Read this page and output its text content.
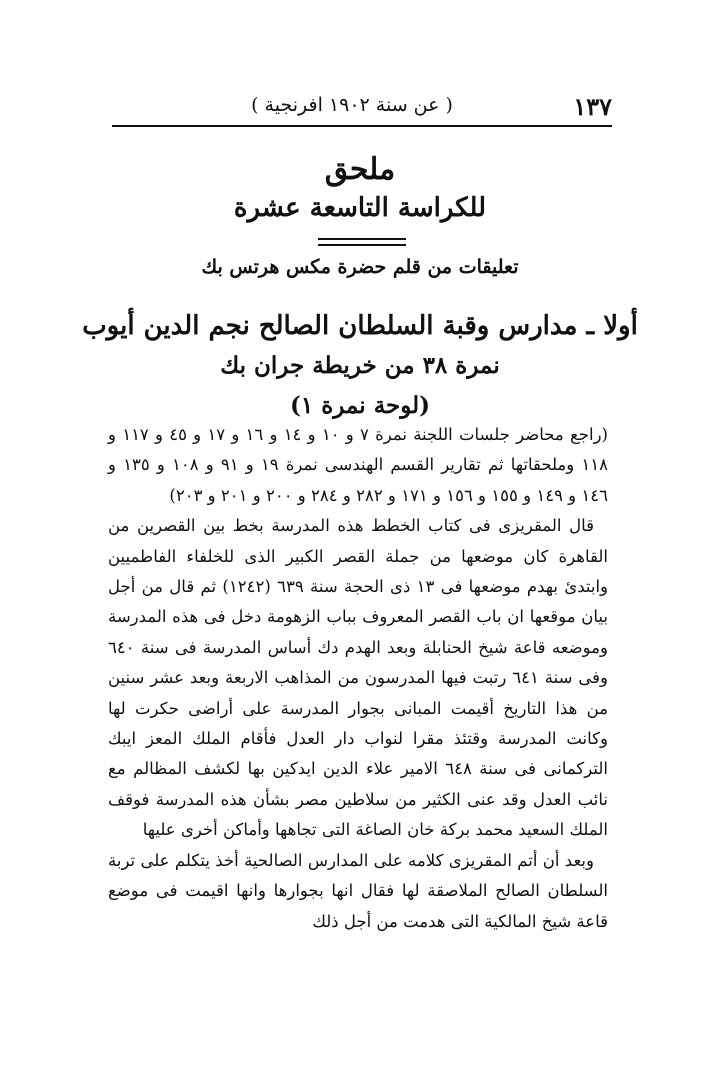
١٣٧
( عن سنة ١٩٠٢ افرنجية )
ملحق
للكراسة التاسعة عشرة
تعليقات من قلم حضرة مكس هرتس بك
أولا ـ مدارس وقبة السلطان الصالح نجم الدين أيوب
نمرة ٣٨ من خريطة جران بك
(لوحة نمرة ١)

(راجع محاضر جلسات اللجنة نمرة ٧ و ١٠ و ١٤ و ١٦ و ١٧ و ٤٥ و ١١٧ و ١١٨ وملحقاتها ثم تقارير القسم الهندسى نمرة ١٩ و ٩١ و ١٠٨ و ١٣٥ و ١٤٦ و ١٤٩ و ١٥٥ و ١٥٦ و ١٧١ و ٢٨٢ و ٢٨٤ و ٢٠٠ و ٢٠١ و ٢٠٣)

قال المقريزى فى كتاب الخطط هذه المدرسة بخط بين القصرين من القاهرة كان موضعها من جملة القصر الكبير الذى للخلفاء الفاطميين وابتدئ بهدم موضعها فى ١٣ ذى الحجة سنة ٦٣٩ (١٢٤٢) ثم قال من أجل بيان موقعها ان باب القصر المعروف بباب الزهومة دخل فى هذه المدرسة وموضعه قاعة شيخ الحنابلة وبعد الهدم دك أساس المدرسة فى سنة ٦٤٠ وفى سنة ٦٤١ رتبت فيها المدرسون من المذاهب الاربعة وبعد عشر سنين من هذا التاريخ أقيمت المبانى بجوار المدرسة على أراضى حكرت لها وكانت المدرسة وقتئذ مقرا لنواب دار العدل فأقام الملك المعز ايبك التركمانى فى سنة ٦٤٨ الامير علاء الدين ايدكين بها لكشف المظالم مع نائب العدل وقد عنى الكثير من سلاطين مصر بشأن هذه المدرسة فوقف الملك السعيد محمد بركة خان الصاغة التى تجاهها وأماكن أخرى عليها

وبعد أن أتم المقريزى كلامه على المدارس الصالحية أخذ يتكلم على تربة السلطان الصالح الملاصقة لها فقال انها بجوارها وانها اقيمت فى موضع قاعة شيخ المالكية التى هدمت من أجل ذلك
